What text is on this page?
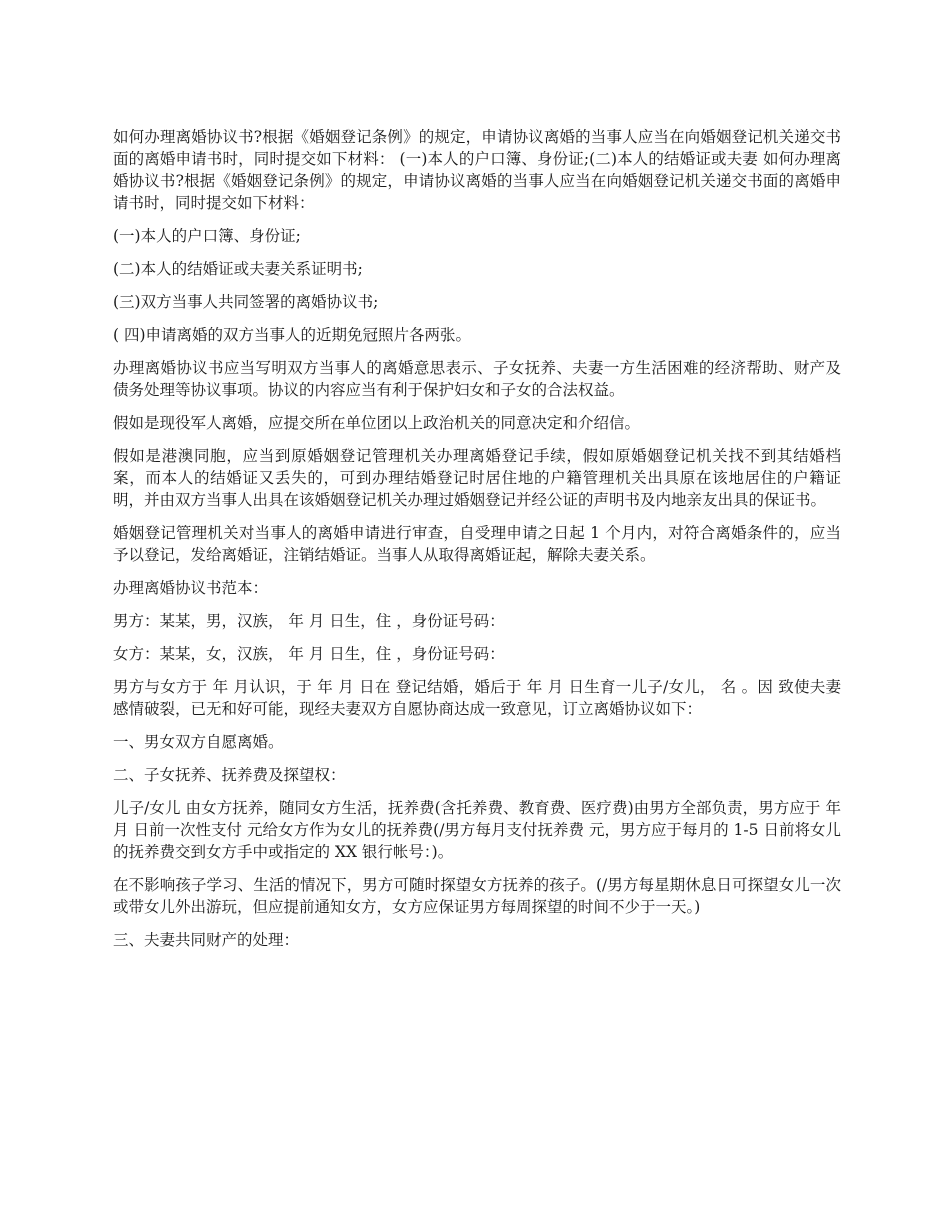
如何办理离婚协议书?根据《婚姻登记条例》的规定，申请协议离婚的当事人应当在向婚姻登记机关递交书面的离婚申请书时，同时提交如下材料： (一)本人的户口簿、身份证;(二)本人的结婚证或夫妻 如何办理离婚协议书?根据《婚姻登记条例》的规定，申请协议离婚的当事人应当在向婚姻登记机关递交书面的离婚申请书时，同时提交如下材料：

(一)本人的户口簿、身份证;

(二)本人的结婚证或夫妻关系证明书;

(三)双方当事人共同签署的离婚协议书;

( 四)申请离婚的双方当事人的近期免冠照片各两张。

办理离婚协议书应当写明双方当事人的离婚意思表示、子女抚养、夫妻一方生活困难的经济帮助、财产及债务处理等协议事项。协议的内容应当有利于保护妇女和子女的合法权益。

假如是现役军人离婚，应提交所在单位团以上政治机关的同意决定和介绍信。

假如是港澳同胞，应当到原婚姻登记管理机关办理离婚登记手续，假如原婚姻登记机关找不到其结婚档案，而本人的结婚证又丢失的，可到办理结婚登记时居住地的户籍管理机关出具原在该地居住的户籍证明，并由双方当事人出具在该婚姻登记机关办理过婚姻登记并经公证的声明书及内地亲友出具的保证书。

婚姻登记管理机关对当事人的离婚申请进行审查，自受理申请之日起 1 个月内，对符合离婚条件的，应当予以登记，发给离婚证，注销结婚证。当事人从取得离婚证起，解除夫妻关系。

办理离婚协议书范本：

男方：某某，男，汉族， 年 月 日生，住 ，身份证号码：

女方：某某，女，汉族， 年 月 日生，住 ，身份证号码：

男方与女方于 年 月认识，于 年 月 日在 登记结婚，婚后于 年 月 日生育一儿子/女儿， 名 。因 致使夫妻感情破裂，已无和好可能，现经夫妻双方自愿协商达成一致意见，订立离婚协议如下：

一、男女双方自愿离婚。

二、子女抚养、抚养费及探望权：

儿子/女儿 由女方抚养，随同女方生活，抚养费(含托养费、教育费、医疗费)由男方全部负责，男方应于 年 月 日前一次性支付 元给女方作为女儿的抚养费(/男方每月支付抚养费 元，男方应于每月的 1-5 日前将女儿的抚养费交到女方手中或指定的 XX 银行帐号：)。

在不影响孩子学习、生活的情况下，男方可随时探望女方抚养的孩子。(/男方每星期休息日可探望女儿一次或带女儿外出游玩，但应提前通知女方，女方应保证男方每周探望的时间不少于一天。)

三、夫妻共同财产的处理：
